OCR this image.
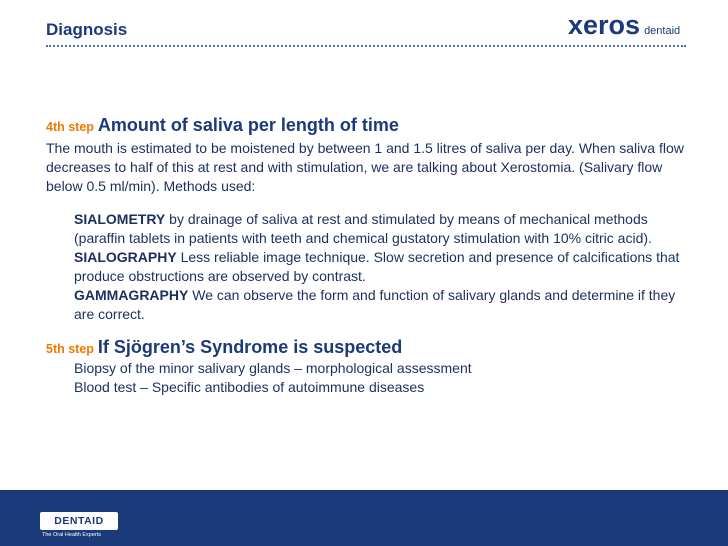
Diagnosis	xeros dentaid
4th step Amount of saliva per length of time
The mouth is estimated to be moistened by between 1 and 1.5 litres of saliva per day. When saliva flow decreases to half of this at rest and with stimulation, we are talking about Xerostomia. (Salivary flow below 0.5 ml/min). Methods used:
SIALOMETRY by drainage of saliva at rest and stimulated by means of mechanical methods (paraffin tablets in patients with teeth and chemical gustatory stimulation with 10% citric acid).
SIALOGRAPHY Less reliable image technique. Slow secretion and presence of calcifications that produce obstructions are observed by contrast.
GAMMAGRAPHY We can observe the form and function of salivary glands and determine if they are correct.
5th step If Sjögren’s Syndrome is suspected
Biopsy of the minor salivary glands – morphological assessment
Blood test – Specific antibodies of autoimmune diseases
DENTAID
The Oral Health Experts
